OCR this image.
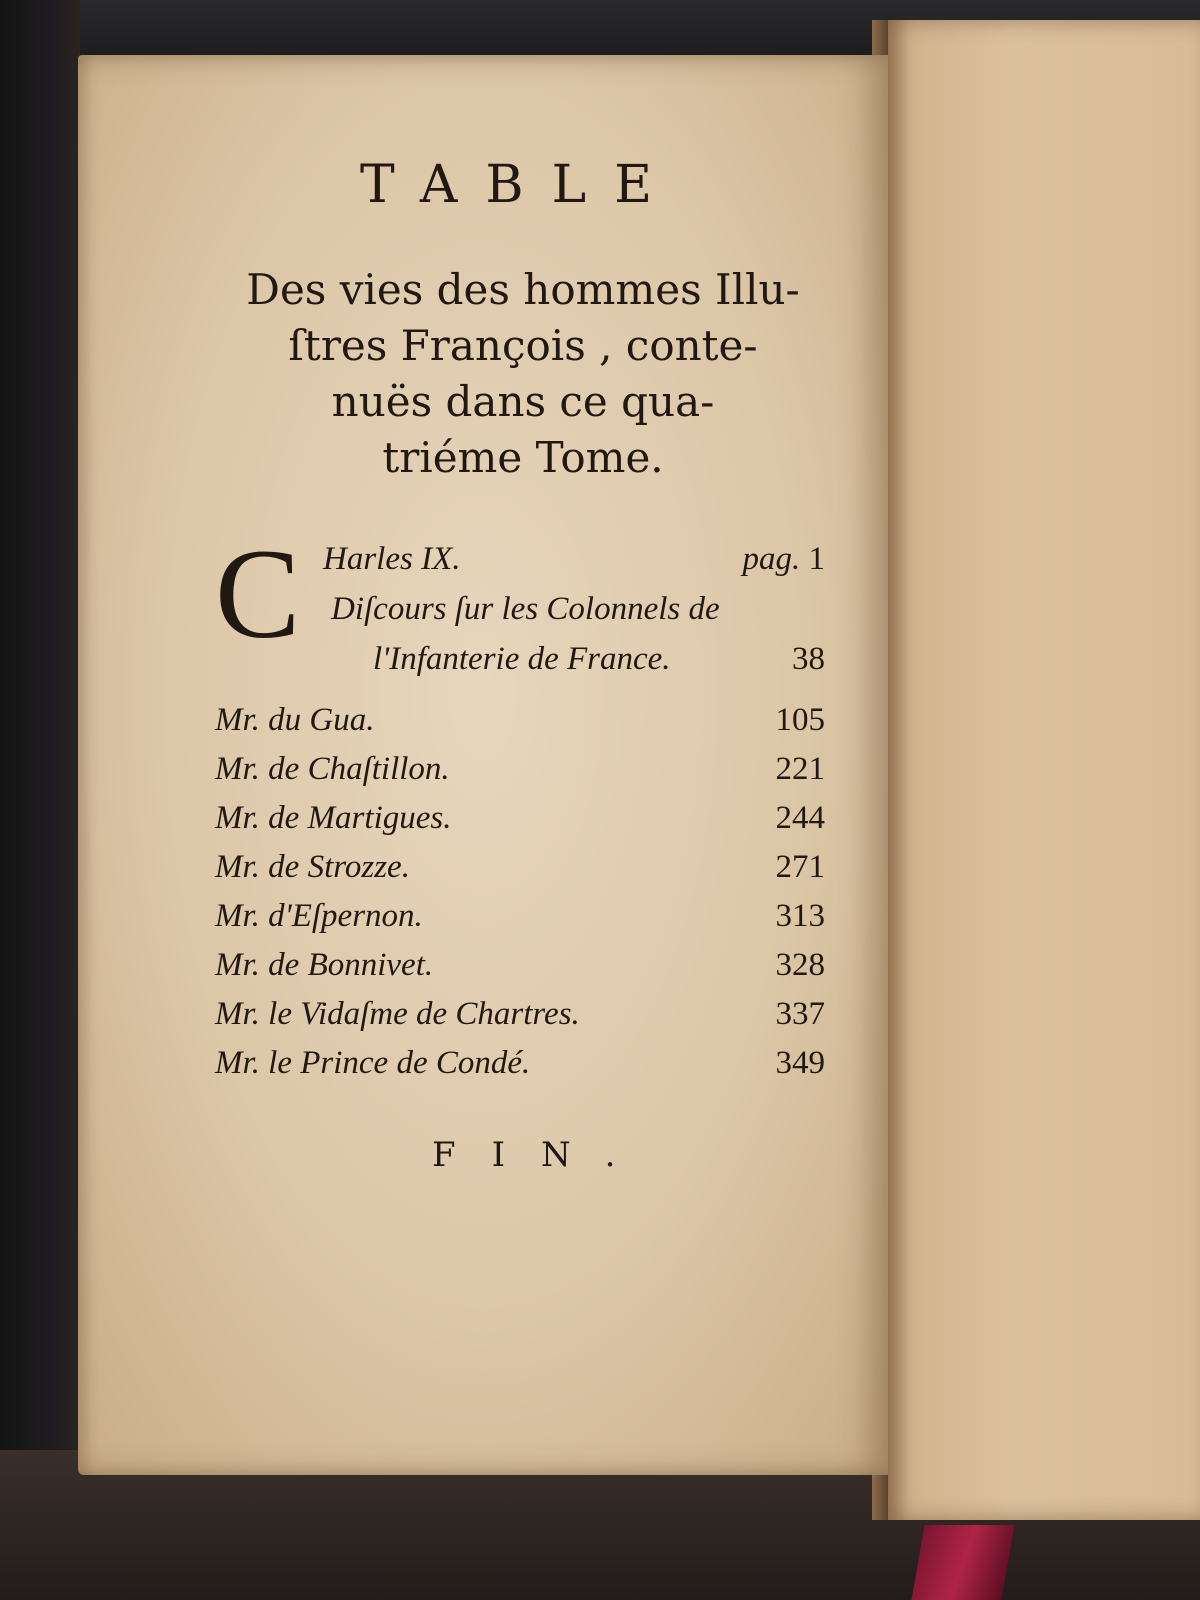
TABLE
Des vies des hommes Illu-
ſtres François , conte-
nuës dans ce qua-
triéme Tome.
C Harles IX.	pag. 1
Diſcours ſur les Colonnels de
l'Infanterie de France.	38
Mr. du Gua.	105
Mr. de Chaſtillon.	221
Mr. de Martigues.	244
Mr. de Strozze.	271
Mr. d'Eſpernon.	313
Mr. de Bonnivet.	328
Mr. le Vidaſme de Chartres.	337
Mr. le Prince de Condé.	349

FIN.
